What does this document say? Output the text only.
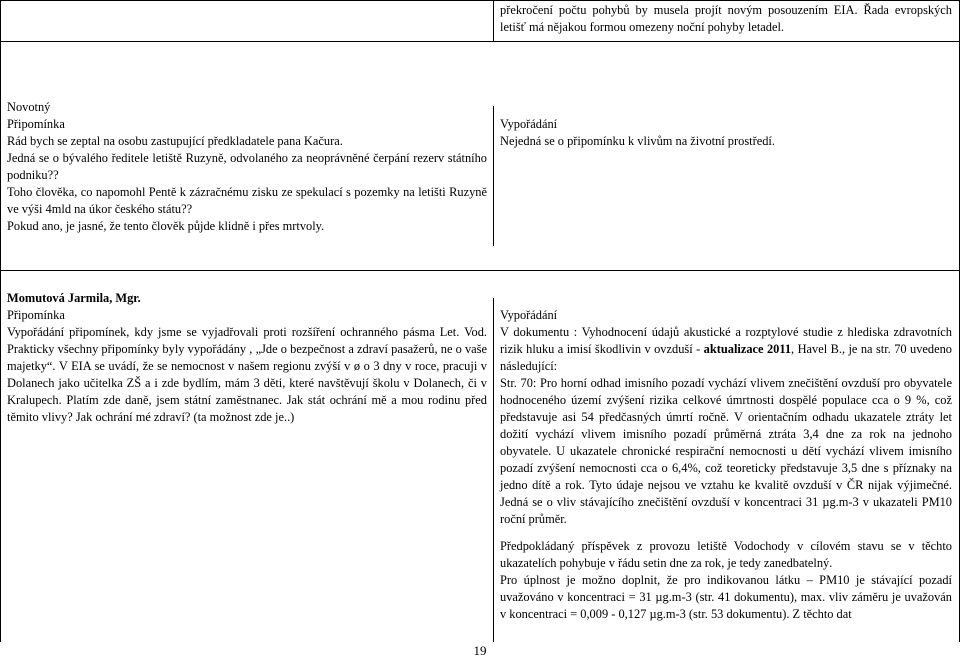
překročení počtu pohybů by musela projít novým posouzením EIA. Řada evropských letišť má nějakou formou omezeny noční pohyby letadel.

Novotný

Připomínka

Rád bych se zeptal na osobu zastupující předkladatele pana Kačura.

Jedná se o bývalého ředitele letiště Ruzyně, odvolaného za neoprávněné čerpání rezerv státního podniku??

Toho člověka, co napomohl Pentě k zázračnému zisku ze spekulací s pozemky na letišti Ruzyně ve výši 4mld na úkor českého státu??

Pokud ano, je jasné, že tento člověk půjde klidně i přes mrtvoly.

Vypořádání

Nejedná se o připomínku k vlivům na životní prostředí.

Momutová Jarmila, Mgr.

Připomínka

Vypořádání připomínek, kdy jsme se vyjadřovali proti rozšíření ochranného pásma Let. Vod. Prakticky všechny připomínky byly vypořádány , „Jde o bezpečnost a zdraví pasažerů, ne o vaše majetky“. V EIA se uvádí, že se nemocnost v našem regionu zvýší v ø o 3 dny v roce, pracuji v Dolanech jako učitelka ZŠ a i zde bydlím, mám 3 děti, které navštěvují školu v Dolanech, či v Kralupech. Platím zde daně, jsem státní zaměstnanec. Jak stát ochrání mě a mou rodinu před těmito vlivy? Jak ochrání mé zdraví? (ta možnost zde je..)

Vypořádání

V dokumentu : Vyhodnocení údajů akustické a rozptylové studie z hlediska zdravotních rizik hluku a imisí škodlivin v ovzduší - aktualizace 2011, Havel B., je na str. 70 uvedeno následující:

Str. 70: Pro horní odhad imisního pozadí vychází vlivem znečištění ovzduší pro obyvatele hodnoceného území zvýšení rizika celkové úmrtnosti dospělé populace cca o 9 %, což představuje asi 54 předčasných úmrtí ročně. V orientačním odhadu ukazatele ztráty let dožití vychází vlivem imisního pozadí průměrná ztráta 3,4 dne za rok na jednoho obyvatele. U ukazatele chronické respirační nemocnosti u dětí vychází vlivem imisního pozadí zvýšení nemocnosti cca o 6,4%, což teoreticky představuje 3,5 dne s příznaky na jedno dítě a rok. Tyto údaje nejsou ve vztahu ke kvalitě ovzduší v ČR nijak výjimečné. Jedná se o vliv stávajícího znečištění ovzduší v koncentraci 31 µg.m-3 v ukazateli PM10 roční průměr.

Předpokládaný příspěvek z provozu letiště Vodochody v cílovém stavu se v těchto ukazatelích pohybuje v řádu setin dne za rok, je tedy zanedbatelný.

Pro úplnost je možno doplnit, že pro indikovanou látku – PM10 je stávající pozadí uvažováno v koncentraci = 31 µg.m-3 (str. 41 dokumentu), max. vliv záměru je uvažován v koncentraci = 0,009 - 0,127 µg.m-3 (str. 53 dokumentu). Z těchto dat

19
